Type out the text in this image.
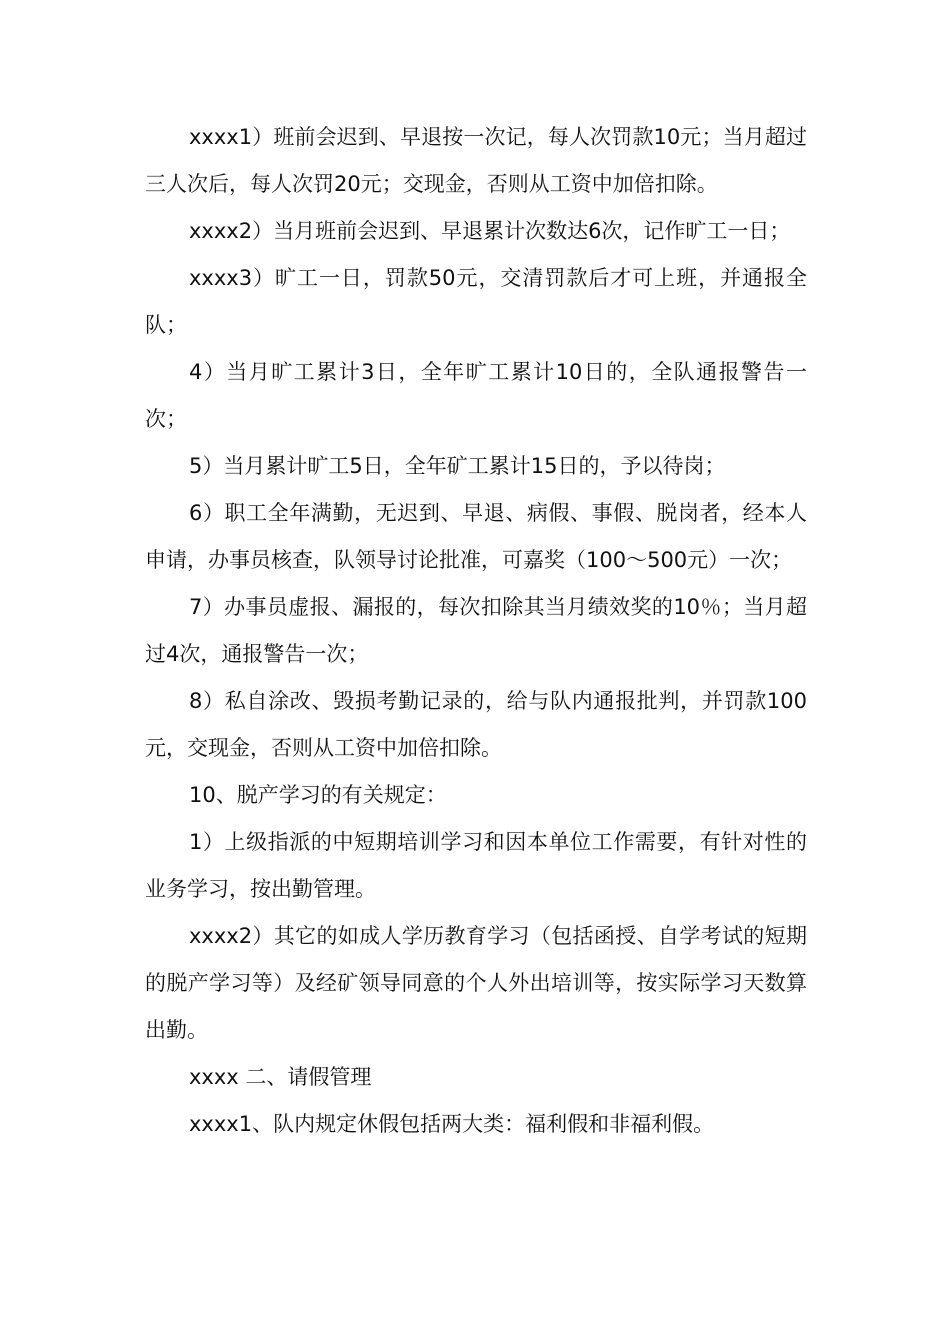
xxxx1）班前会迟到、早退按一次记，每人次罚款10元；当月超过三人次后，每人次罚20元；交现金，否则从工资中加倍扣除。

xxxx2）当月班前会迟到、早退累计次数达6次，记作旷工一日；

xxxx3）旷工一日，罚款50元，交清罚款后才可上班，并通报全队；

4）当月旷工累计3日，全年旷工累计10日的，全队通报警告一次；

5）当月累计旷工5日，全年矿工累计15日的，予以待岗；

6）职工全年满勤，无迟到、早退、病假、事假、脱岗者，经本人申请，办事员核查，队领导讨论批准，可嘉奖（100～500元）一次；

7）办事员虚报、漏报的，每次扣除其当月绩效奖的10％；当月超过4次，通报警告一次；

8）私自涂改、毁损考勤记录的，给与队内通报批判，并罚款100元，交现金，否则从工资中加倍扣除。

10、脱产学习的有关规定：

1）上级指派的中短期培训学习和因本单位工作需要，有针对性的业务学习，按出勤管理。

xxxx2）其它的如成人学历教育学习（包括函授、自学考试的短期的脱产学习等）及经矿领导同意的个人外出培训等，按实际学习天数算出勤。

xxxx 二、请假管理

xxxx1、队内规定休假包括两大类：福利假和非福利假。
